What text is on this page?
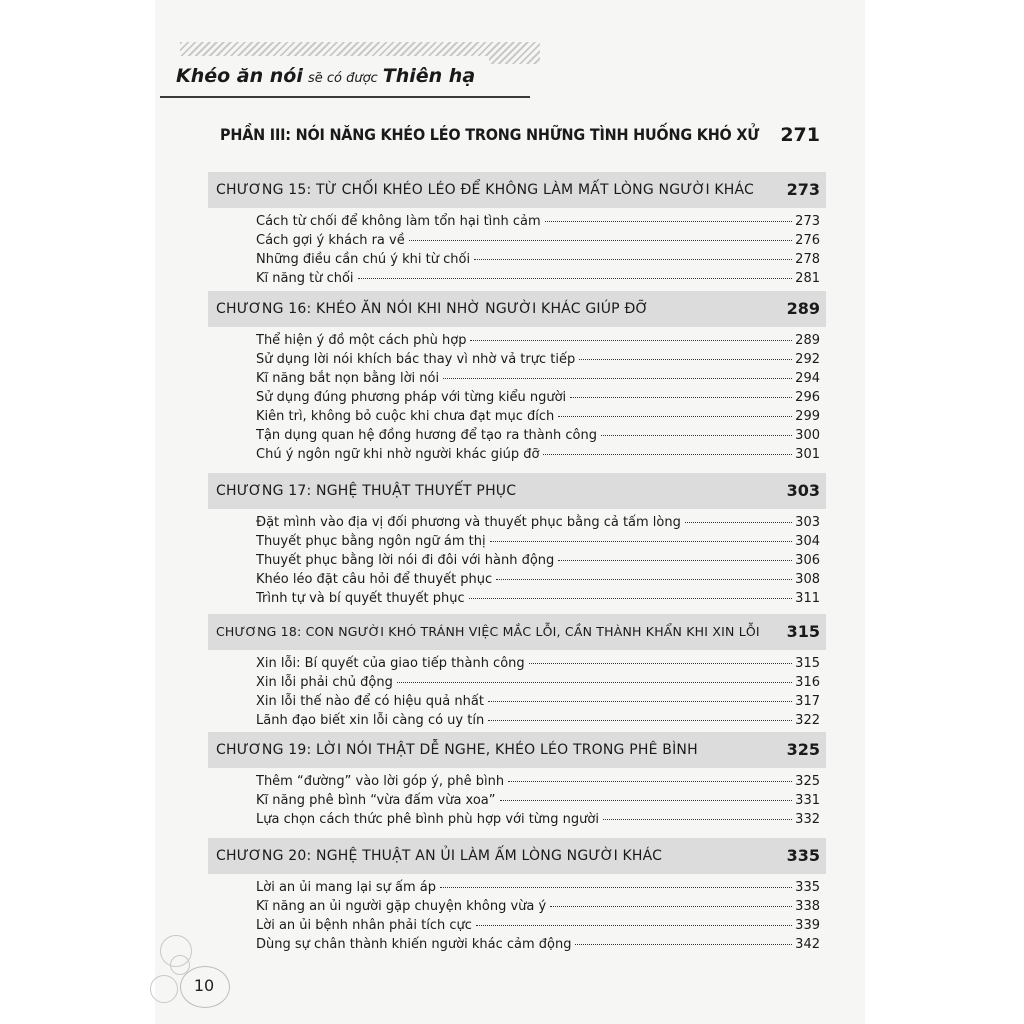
Khéo ăn nói sẽ có được Thiên hạ
PHẦN III: NÓI NĂNG KHÉO LÉO TRONG NHỮNG TÌNH HUỐNG KHÓ XỬ 271
CHƯƠNG 15: TỪ CHỐI KHÉO LÉO ĐỂ KHÔNG LÀM MẤT LÒNG NGƯỜI KHÁC 273
Cách từ chối để không làm tổn hại tình cảm	273
Cách gợi ý khách ra về	276
Những điều cần chú ý khi từ chối	278
Kĩ năng từ chối	281
CHƯƠNG 16: KHÉO ĂN NÓI KHI NHỜ NGƯỜI KHÁC GIÚP ĐỠ	289
Thể hiện ý đồ một cách phù hợp	289
Sử dụng lời nói khích bác thay vì nhờ vả trực tiếp	292
Kĩ năng bắt nọn bằng lời nói	294
Sử dụng đúng phương pháp với từng kiểu người	296
Kiên trì, không bỏ cuộc khi chưa đạt mục đích	299
Tận dụng quan hệ đồng hương để tạo ra thành công	300
Chú ý ngôn ngữ khi nhờ người khác giúp đỡ	301
CHƯƠNG 17: NGHỆ THUẬT THUYẾT PHỤC	303
Đặt mình vào địa vị đối phương và thuyết phục bằng cả tấm lòng	303
Thuyết phục bằng ngôn ngữ ám thị	304
Thuyết phục bằng lời nói đi đôi với hành động	306
Khéo léo đặt câu hỏi để thuyết phục	308
Trình tự và bí quyết thuyết phục	311
CHƯƠNG 18: CON NGƯỜI KHÓ TRÁNH VIỆC MẮC LỖI, CẦN THÀNH KHẨN KHI XIN LỖI 315
Xin lỗi: Bí quyết của giao tiếp thành công	315
Xin lỗi phải chủ động	316
Xin lỗi thế nào để có hiệu quả nhất	317
Lãnh đạo biết xin lỗi càng có uy tín	322
CHƯƠNG 19: LỜI NÓI THẬT DỄ NGHE, KHÉO LÉO TRONG PHÊ BÌNH	325
Thêm “đường” vào lời góp ý, phê bình	325
Kĩ năng phê bình “vừa đấm vừa xoa”	331
Lựa chọn cách thức phê bình phù hợp với từng người	332
CHƯƠNG 20: NGHỆ THUẬT AN ỦI LÀM ẤM LÒNG NGƯỜI KHÁC	335
Lời an ủi mang lại sự ấm áp	335
Kĩ năng an ủi người gặp chuyện không vừa ý	338
Lời an ủi bệnh nhân phải tích cực	339
Dùng sự chân thành khiến người khác cảm động	342
10
